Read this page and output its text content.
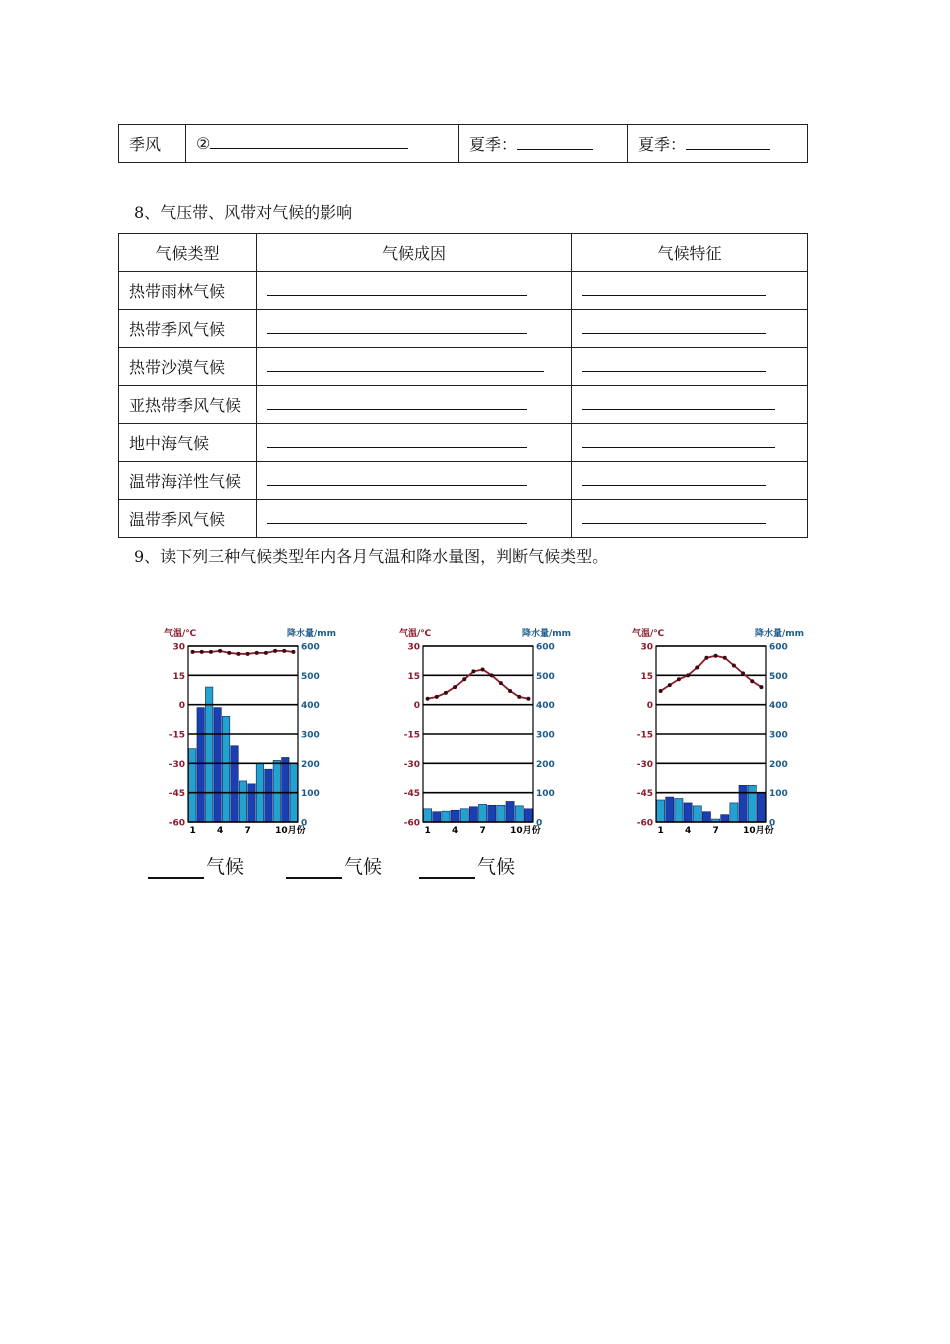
季风	②	夏季：	夏季：
8、气压带、风带对气候的影响
气候类型	气候成因	气候特征
热带雨林气候		
热带季风气候		
热带沙漠气候		
亚热带季风气候		
地中海气候		
温带海洋性气候		
温带季风气候		
9、读下列三种气候类型年内各月气温和降水量图，判断气候类型。
气温/℃	降水量/mm
30
15
0
-15
-30
-45
-60
600
500
400
300
200
100
0
1 4 7	10月份
气温/℃	降水量/mm
30
15
0
-15
-30
-45
-60
600
500
400
300
200
100
0
1 4 7	10月份
气温/℃	降水量/mm
30
15
0
-15
-30
-45
-60
600
500
400
300
200
100
0
1 4 7	10月份
气候	气候	气候
